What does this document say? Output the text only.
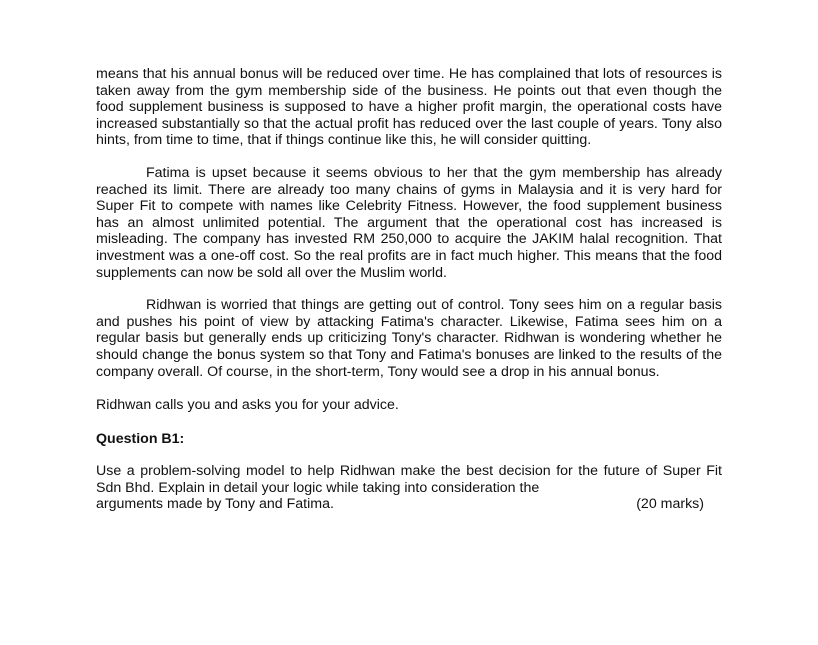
means that his annual bonus will be reduced over time. He has complained that lots of resources is taken away from the gym membership side of the business. He points out that even though the food supplement business is supposed to have a higher profit margin, the operational costs have increased substantially so that the actual profit has reduced over the last couple of years. Tony also hints, from time to time, that if things continue like this, he will consider quitting.

Fatima is upset because it seems obvious to her that the gym membership has already reached its limit. There are already too many chains of gyms in Malaysia and it is very hard for Super Fit to compete with names like Celebrity Fitness. However, the food supplement business has an almost unlimited potential. The argument that the operational cost has increased is misleading. The company has invested RM 250,000 to acquire the JAKIM halal recognition. That investment was a one-off cost. So the real profits are in fact much higher. This means that the food supplements can now be sold all over the Muslim world.

Ridhwan is worried that things are getting out of control. Tony sees him on a regular basis and pushes his point of view by attacking Fatima's character. Likewise, Fatima sees him on a regular basis but generally ends up criticizing Tony's character. Ridhwan is wondering whether he should change the bonus system so that Tony and Fatima's bonuses are linked to the results of the company overall. Of course, in the short-term, Tony would see a drop in his annual bonus.

Ridhwan calls you and asks you for your advice.

Question B1:

Use a problem-solving model to help Ridhwan make the best decision for the future of Super Fit Sdn Bhd. Explain in detail your logic while taking into consideration the

arguments made by Tony and Fatima.	(20 marks)
